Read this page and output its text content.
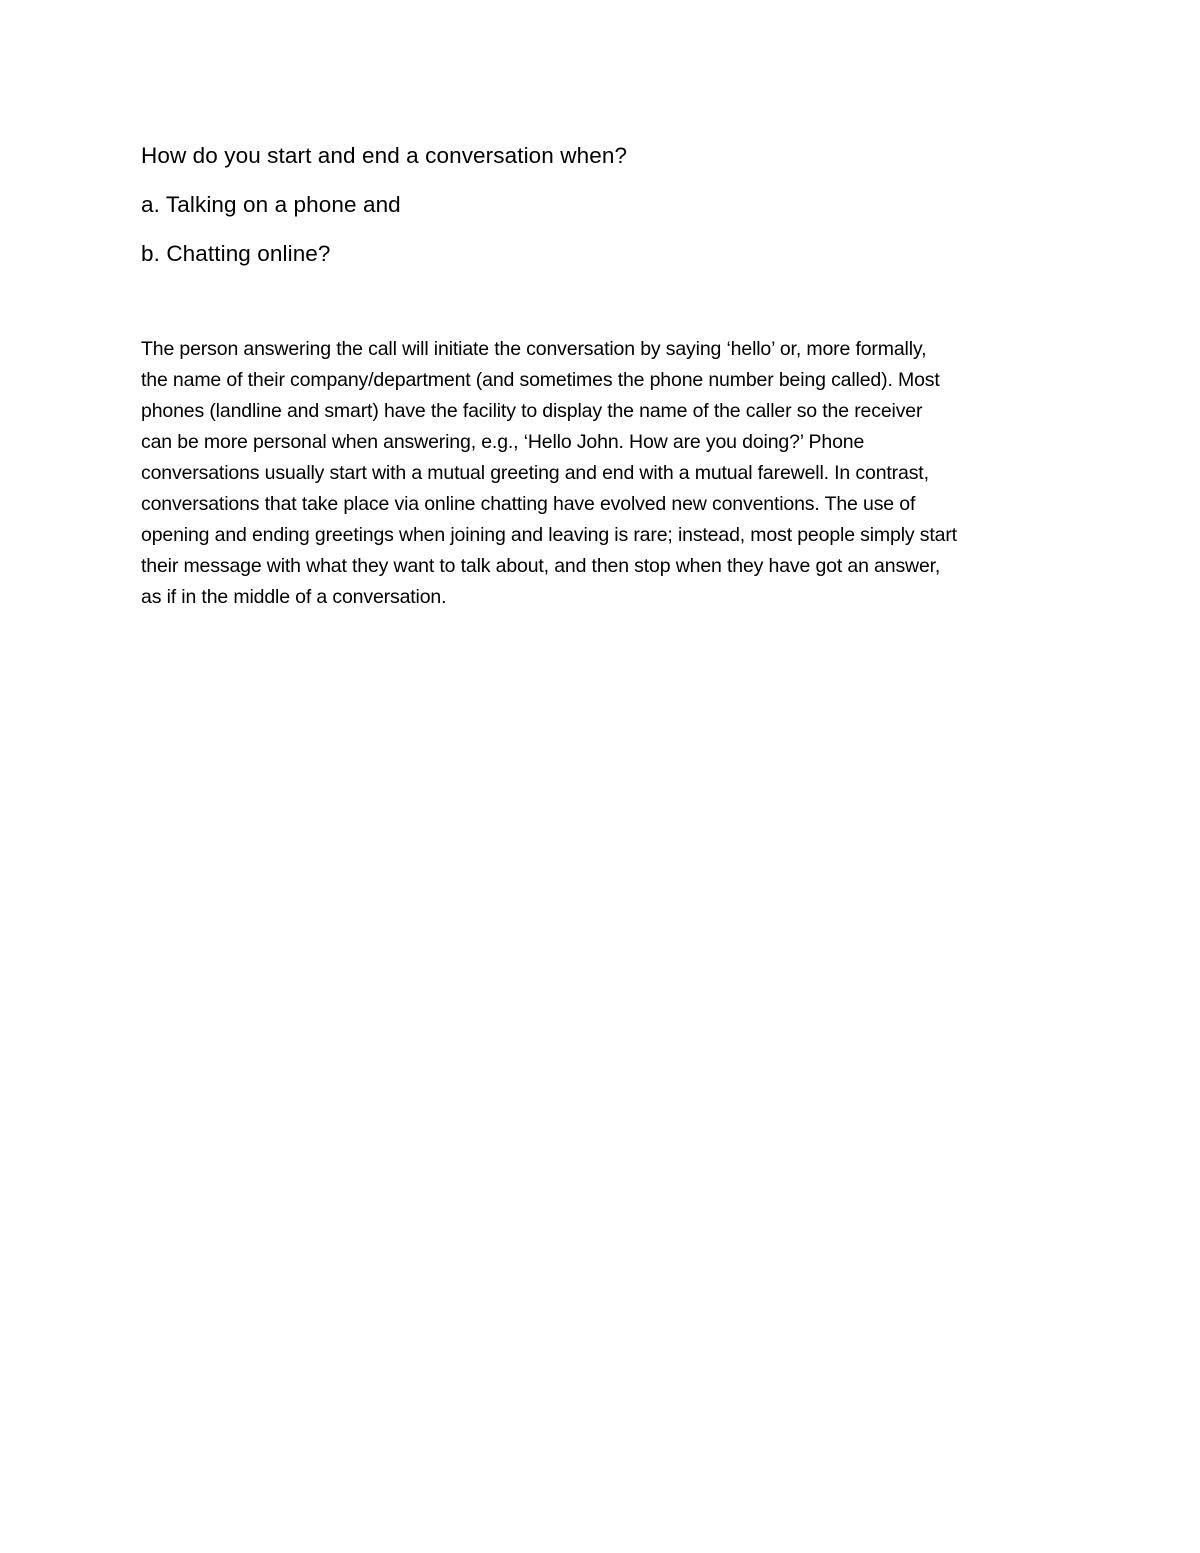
How do you start and end a conversation when?

a. Talking on a phone and

b. Chatting online?

The person answering the call will initiate the conversation by saying ‘hello’ or, more formally,
the name of their company/department (and sometimes the phone number being called). Most
phones (landline and smart) have the facility to display the name of the caller so the receiver
can be more personal when answering, e.g., ‘Hello John. How are you doing?’ Phone
conversations usually start with a mutual greeting and end with a mutual farewell. In contrast,
conversations that take place via online chatting have evolved new conventions. The use of
opening and ending greetings when joining and leaving is rare; instead, most people simply start
their message with what they want to talk about, and then stop when they have got an answer,
as if in the middle of a conversation.
